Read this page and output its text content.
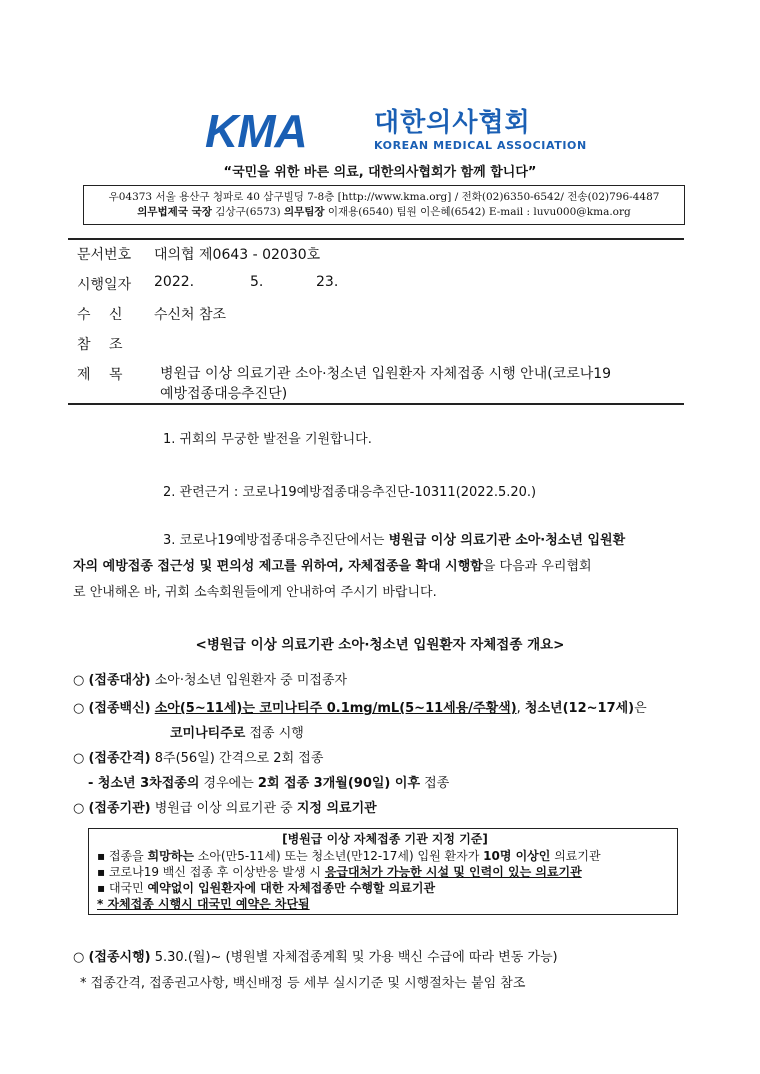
KMA	대한의사협회
KOREAN MEDICAL ASSOCIATION
“국민을 위한 바른 의료, 대한의사협회가 함께 합니다”
우04373 서울 용산구 청파로 40 삼구빌딩 7-8층 [http://www.kma.org] / 전화(02)6350-6542/ 전송(02)796-4487
의무법제국 국장 김상구(6573) 의무팀장 이재용(6540) 팀원 이은혜(6542) E-mail : luvu000@kma.org
문서번호 대의협 제0643 - 02030호
시행일자 2022.	5.	23.
수　 신 수신처 참조
참　 조
제　 목	병원급 이상 의료기관 소아·청소년 입원환자 자체접종 시행 안내(코로나19
예방접종대응추진단)
1. 귀회의 무궁한 발전을 기원합니다.
2. 관련근거 : 코로나19예방접종대응추진단-10311(2022.5.20.)
3. 코로나19예방접종대응추진단에서는 병원급 이상 의료기관 소아·청소년 입원환
자의 예방접종 접근성 및 편의성 제고를 위하여, 자체접종을 확대 시행함을 다음과 우리협회
로 안내해온 바, 귀회 소속회원들에게 안내하여 주시기 바랍니다.
<병원급 이상 의료기관 소아·청소년 입원환자 자체접종 개요>
○ (접종대상) 소아·청소년 입원환자 중 미접종자
○ (접종백신) 소아(5~11세)는 코미나티주 0.1mg/mL(5~11세용/주황색), 청소년(12~17세)은
코미나티주로 접종 시행
○ (접종간격) 8주(56일) 간격으로 2회 접종
- 청소년 3차접종의 경우에는 2회 접종 3개월(90일) 이후 접종
○ (접종기관) 병원급 이상 의료기관 중 지정 의료기관
[병원급 이상 자체접종 기관 지정 기준]
▪ 접종을 희망하는 소아(만5-11세) 또는 청소년(만12-17세) 입원 환자가 10명 이상인 의료기관
▪ 코로나19 백신 접종 후 이상반응 발생 시 응급대처가 가능한 시설 및 인력이 있는 의료기관
▪ 대국민 예약없이 입원환자에 대한 자체접종만 수행할 의료기관
* 자체접종 시행시 대국민 예약은 차단됨
○ (접종시행) 5.30.(월)~ (병원별 자체접종계획 및 가용 백신 수급에 따라 변동 가능)
* 접종간격, 접종권고사항, 백신배정 등 세부 실시기준 및 시행절차는 붙임 참조
